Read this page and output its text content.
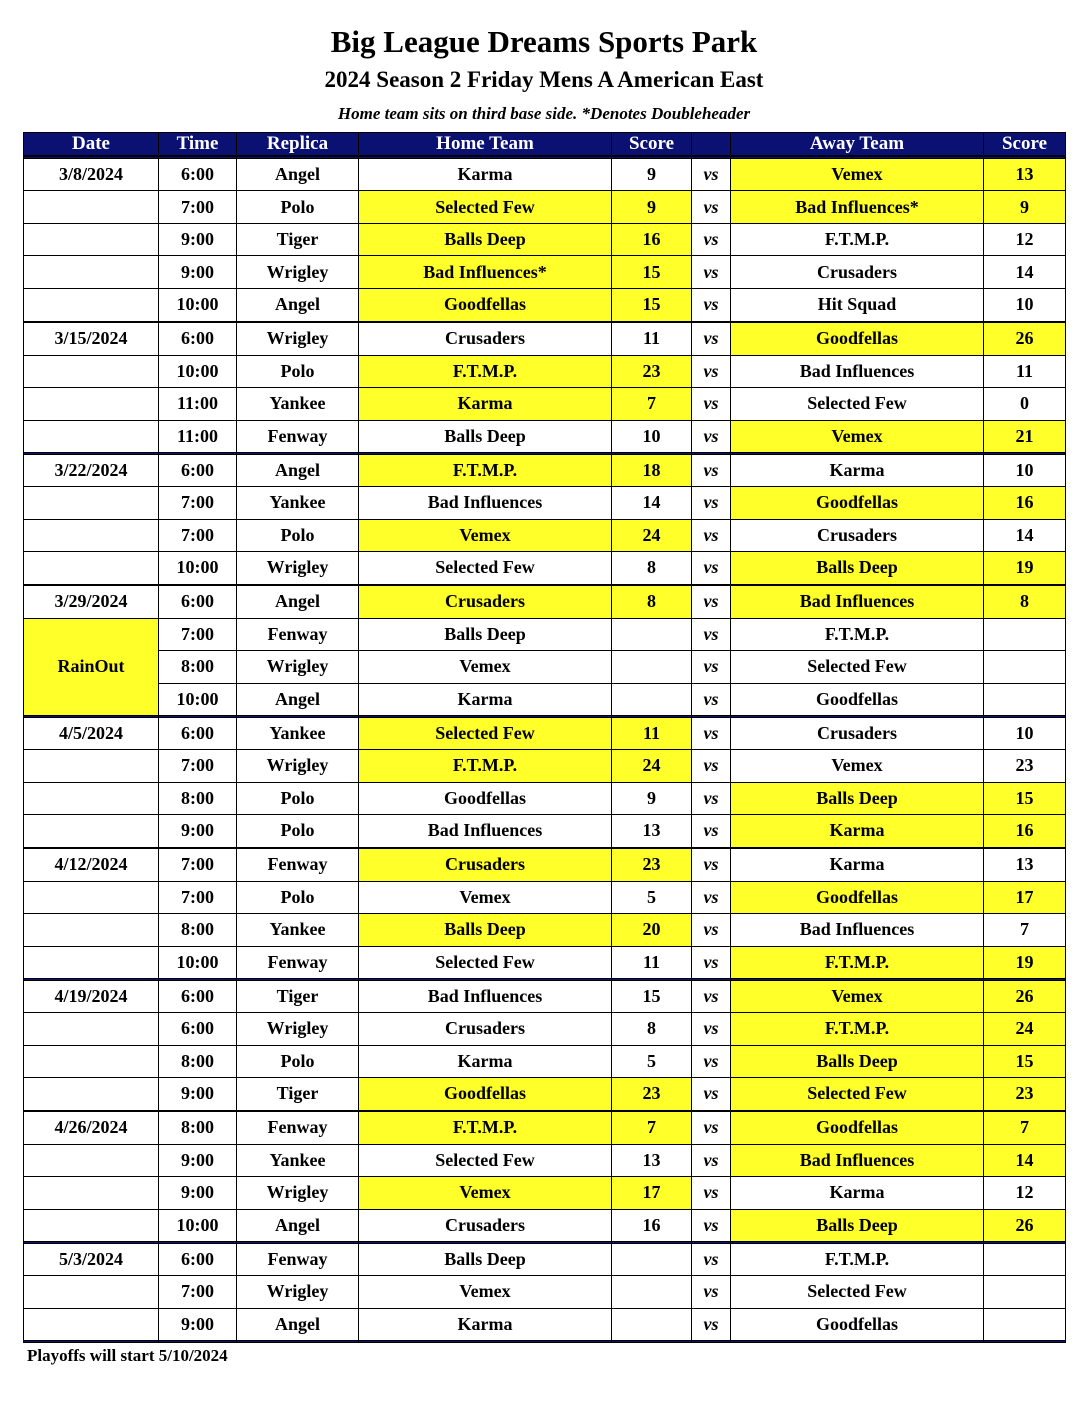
Big League Dreams Sports Park
2024 Season 2 Friday Mens A American East
Home team sits on third base side. *Denotes Doubleheader
Date	Time	Replica	Home Team	Score		Away Team	Score

3/8/2024	6:00	Angel	Karma	9	vs	Vemex	13
	7:00	Polo	Selected Few	9	vs	Bad Influences*	9
	9:00	Tiger	Balls Deep	16	vs	F.T.M.P.	12
	9:00	Wrigley	Bad Influences*	15	vs	Crusaders	14
	10:00	Angel	Goodfellas	15	vs	Hit Squad	10

3/15/2024	6:00	Wrigley	Crusaders	11	vs	Goodfellas	26
	10:00	Polo	F.T.M.P.	23	vs	Bad Influences	11
	11:00	Yankee	Karma	7	vs	Selected Few	0
	11:00	Fenway	Balls Deep	10	vs	Vemex	21

3/22/2024	6:00	Angel	F.T.M.P.	18	vs	Karma	10
	7:00	Yankee	Bad Influences	14	vs	Goodfellas	16
	7:00	Polo	Vemex	24	vs	Crusaders	14
	10:00	Wrigley	Selected Few	8	vs	Balls Deep	19

3/29/2024	6:00	Angel	Crusaders	8	vs	Bad Influences	8
RainOut	7:00	Fenway	Balls Deep		vs	F.T.M.P.	
	8:00	Wrigley	Vemex		vs	Selected Few	
	10:00	Angel	Karma		vs	Goodfellas	

4/5/2024	6:00	Yankee	Selected Few	11	vs	Crusaders	10
	7:00	Wrigley	F.T.M.P.	24	vs	Vemex	23
	8:00	Polo	Goodfellas	9	vs	Balls Deep	15
	9:00	Polo	Bad Influences	13	vs	Karma	16

4/12/2024	7:00	Fenway	Crusaders	23	vs	Karma	13
	7:00	Polo	Vemex	5	vs	Goodfellas	17
	8:00	Yankee	Balls Deep	20	vs	Bad Influences	7
	10:00	Fenway	Selected Few	11	vs	F.T.M.P.	19

4/19/2024	6:00	Tiger	Bad Influences	15	vs	Vemex	26
	6:00	Wrigley	Crusaders	8	vs	F.T.M.P.	24
	8:00	Polo	Karma	5	vs	Balls Deep	15
	9:00	Tiger	Goodfellas	23	vs	Selected Few	23

4/26/2024	8:00	Fenway	F.T.M.P.	7	vs	Goodfellas	7
	9:00	Yankee	Selected Few	13	vs	Bad Influences	14
	9:00	Wrigley	Vemex	17	vs	Karma	12
	10:00	Angel	Crusaders	16	vs	Balls Deep	26

5/3/2024	6:00	Fenway	Balls Deep		vs	F.T.M.P.	
	7:00	Wrigley	Vemex		vs	Selected Few	
	9:00	Angel	Karma		vs	Goodfellas	

Playoffs will start 5/10/2024
